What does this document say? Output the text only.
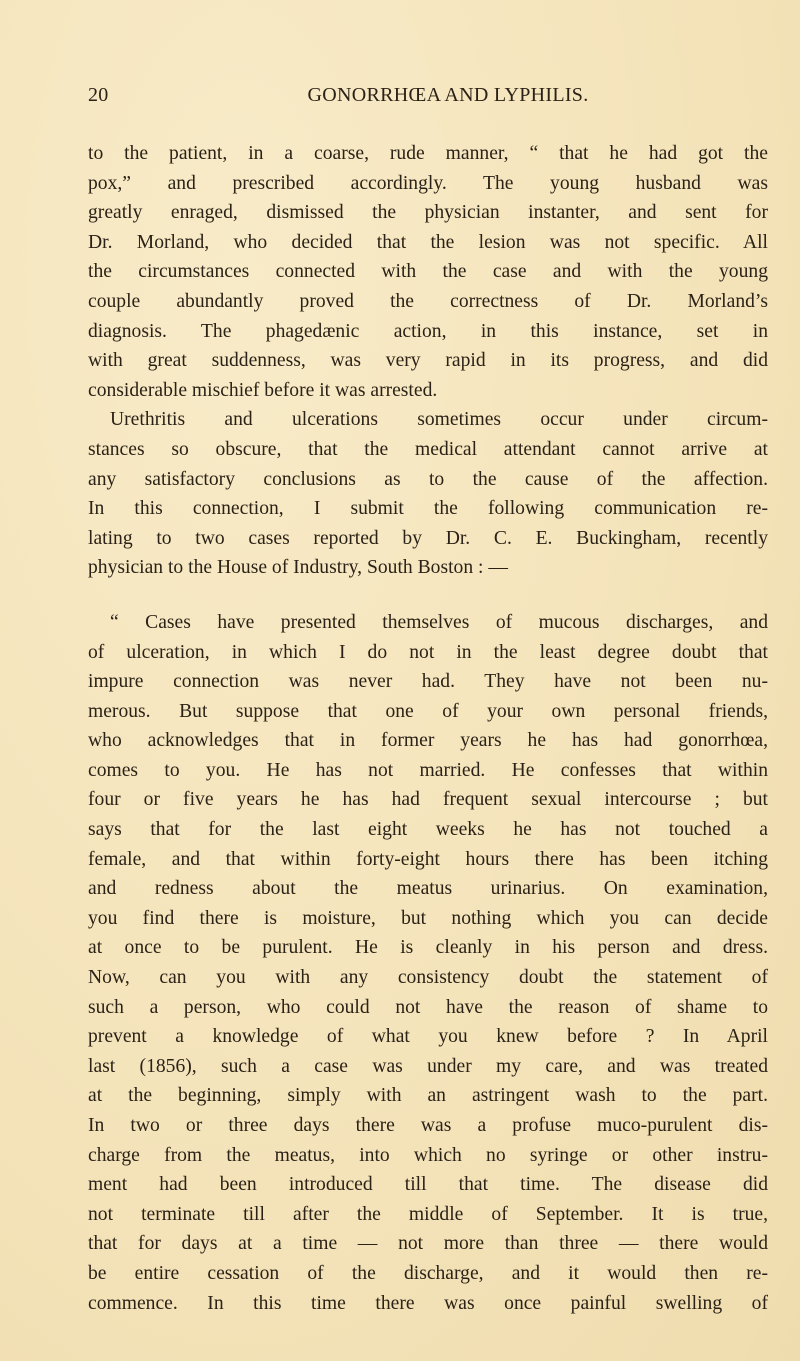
20	GONORRHŒA AND LYPHILIS.
to the patient, in a coarse, rude manner, “ that he had got the
pox,” and prescribed accordingly. The young husband was
greatly enraged, dismissed the physician instanter, and sent for
Dr. Morland, who decided that the lesion was not specific. All
the circumstances connected with the case and with the young
couple abundantly proved the correctness of Dr. Morland’s
diagnosis. The phagedænic action, in this instance, set in
with great suddenness, was very rapid in its progress, and did
considerable mischief before it was arrested.
Urethritis and ulcerations sometimes occur under circum-
stances so obscure, that the medical attendant cannot arrive at
any satisfactory conclusions as to the cause of the affection.
In this connection, I submit the following communication re-
lating to two cases reported by Dr. C. E. Buckingham, recently
physician to the House of Industry, South Boston : —
“ Cases have presented themselves of mucous discharges, and
of ulceration, in which I do not in the least degree doubt that
impure connection was never had. They have not been nu-
merous. But suppose that one of your own personal friends,
who acknowledges that in former years he has had gonorrhœa,
comes to you. He has not married. He confesses that within
four or five years he has had frequent sexual intercourse ; but
says that for the last eight weeks he has not touched a
female, and that within forty-eight hours there has been itching
and redness about the meatus urinarius. On examination,
you find there is moisture, but nothing which you can decide
at once to be purulent. He is cleanly in his person and dress.
Now, can you with any consistency doubt the statement of
such a person, who could not have the reason of shame to
prevent a knowledge of what you knew before ? In April
last (1856), such a case was under my care, and was treated
at the beginning, simply with an astringent wash to the part.
In two or three days there was a profuse muco-purulent dis-
charge from the meatus, into which no syringe or other instru-
ment had been introduced till that time. The disease did
not terminate till after the middle of September. It is true,
that for days at a time — not more than three — there would
be entire cessation of the discharge, and it would then re-
commence. In this time there was once painful swelling of
